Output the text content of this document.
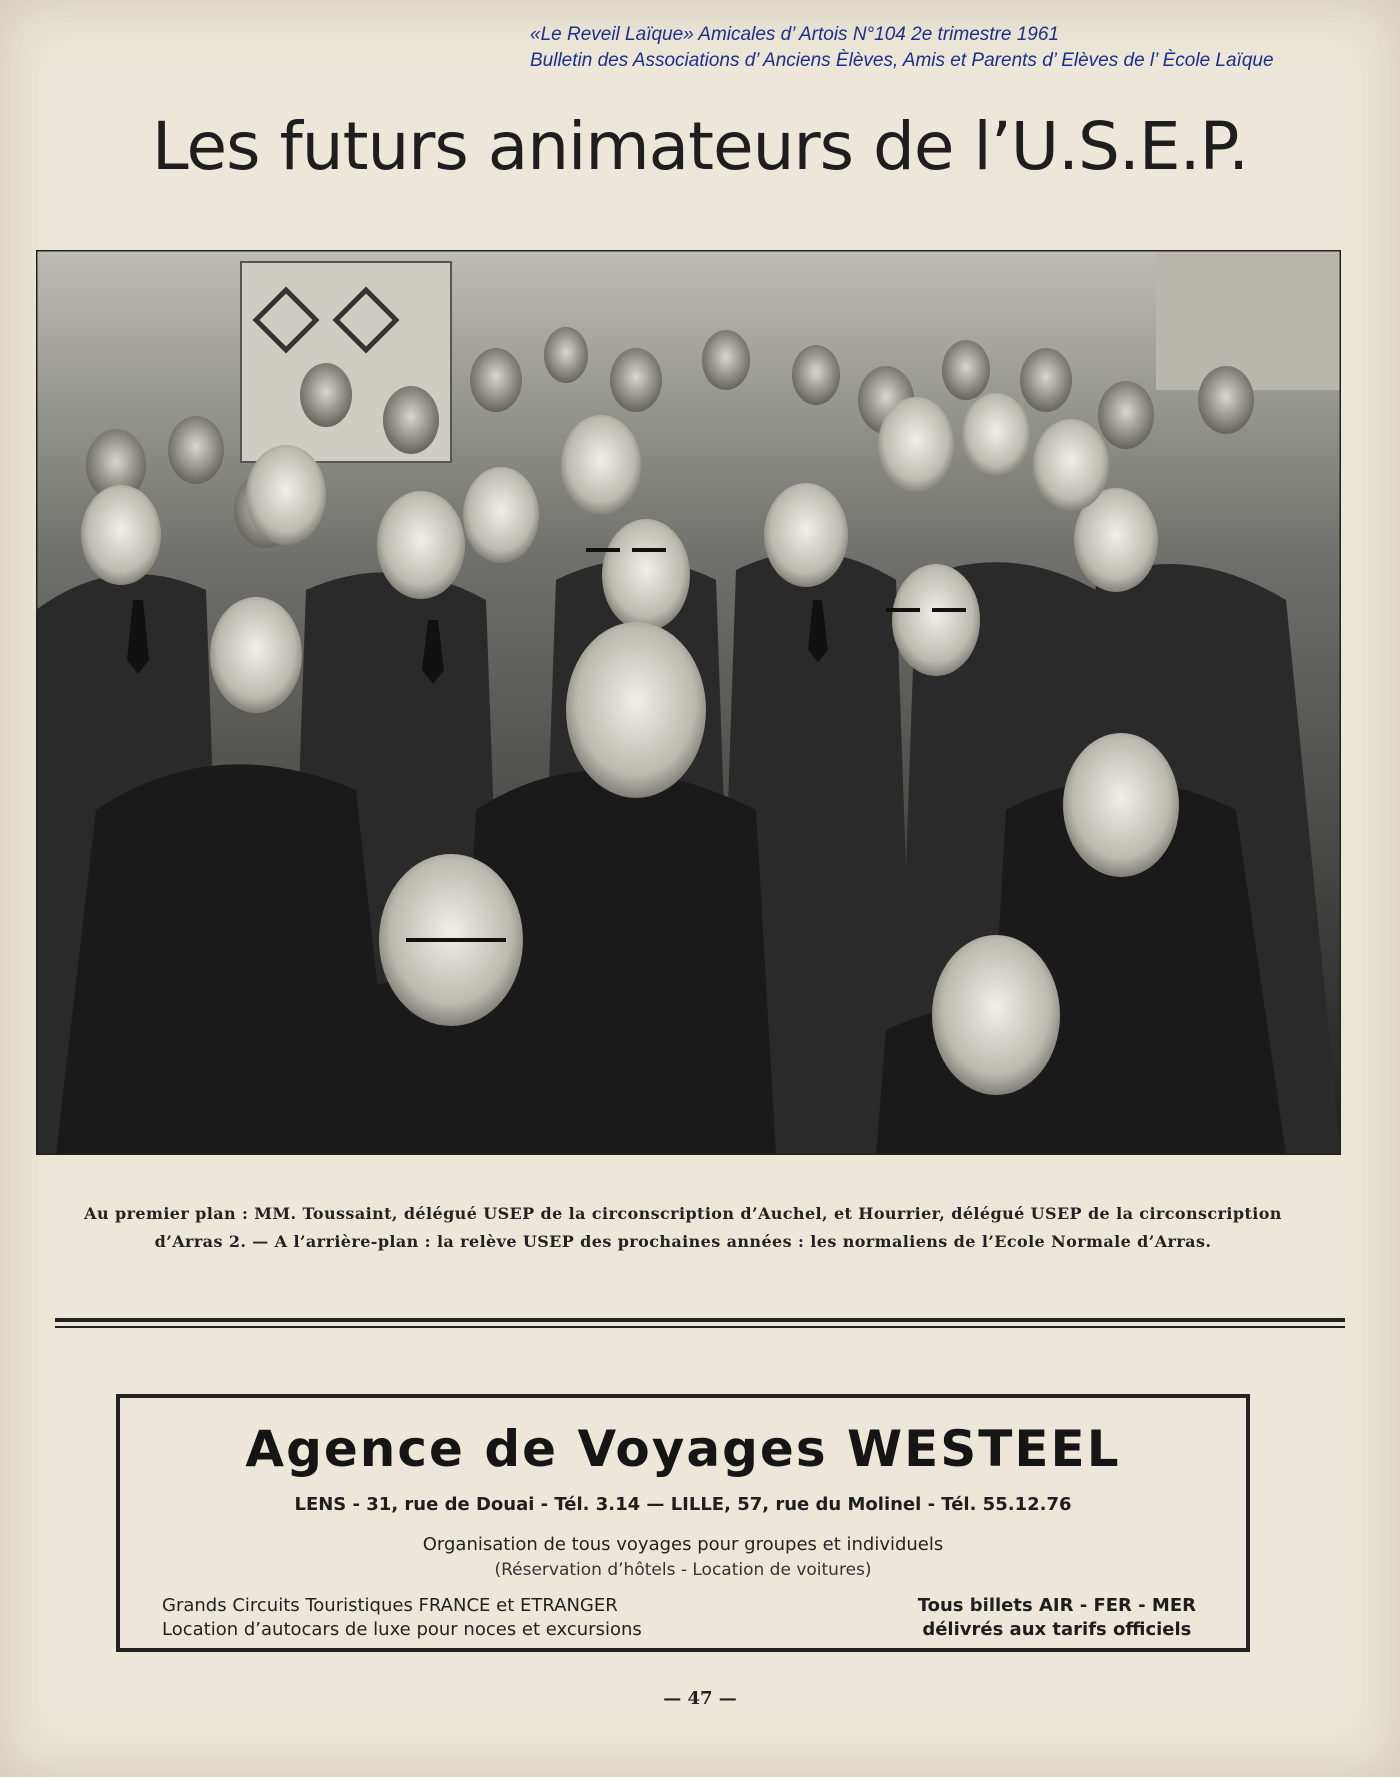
«Le Reveil Laïque» Amicales d’ Artois N°104 2e trimestre 1961
Bulletin des Associations d’ Anciens Èlèves, Amis et Parents d’ Elèves de l’ Ècole Laïque
Les futurs animateurs de l’U.S.E.P.
Au premier plan : MM. Toussaint, délégué USEP de la circonscription d’Auchel, et Hourrier, délégué USEP de la circonscription
d’Arras 2. — A l’arrière-plan : la relève USEP des prochaines années : les normaliens de l’Ecole Normale d’Arras.
Agence de Voyages WESTEEL
LENS - 31, rue de Douai - Tél. 3.14 — LILLE, 57, rue du Molinel - Tél. 55.12.76
Organisation de tous voyages pour groupes et individuels
(Réservation d’hôtels - Location de voitures)
Grands Circuits Touristiques FRANCE et ETRANGER
Location d’autocars de luxe pour noces et excursions
Tous billets AIR - FER - MER
délivrés aux tarifs officiels
— 47 —
